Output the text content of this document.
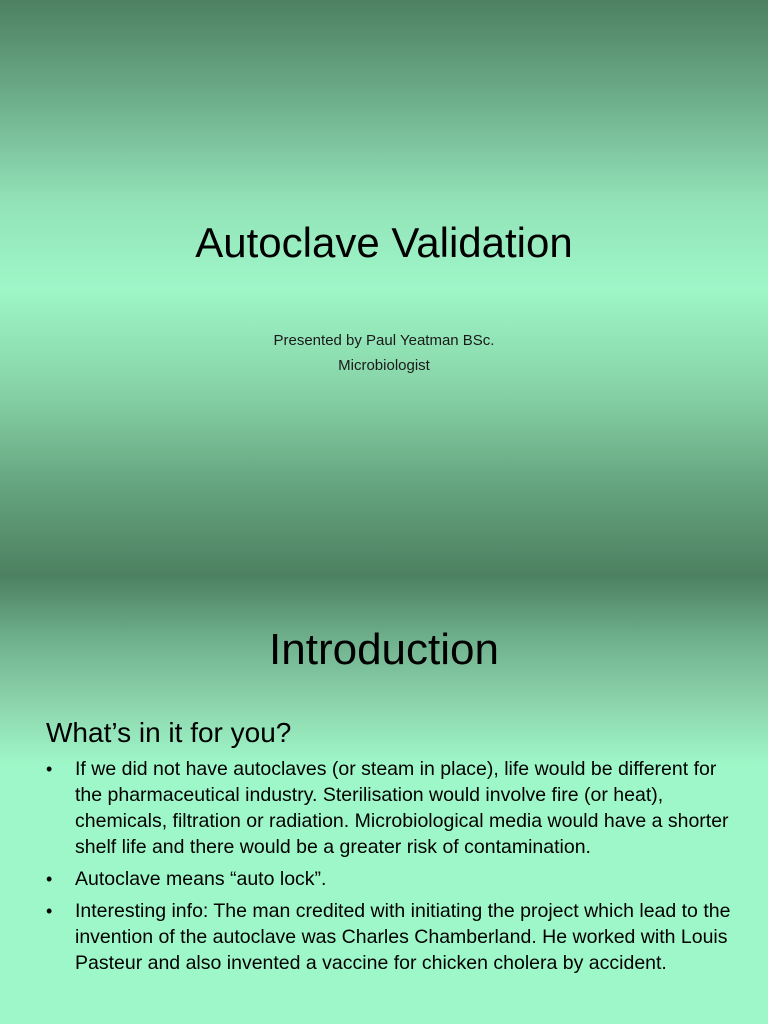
Autoclave Validation
Presented by Paul Yeatman BSc.
Microbiologist
Introduction
What’s in it for you?
• If we did not have autoclaves (or steam in place), life would be different for the pharmaceutical industry. Sterilisation would involve fire (or heat), chemicals, filtration or radiation. Microbiological media would have a shorter shelf life and there would be a greater risk of contamination.
• Autoclave means “auto lock”.
• Interesting info: The man credited with initiating the project which lead to the invention of the autoclave was Charles Chamberland. He worked with Louis Pasteur and also invented a vaccine for chicken cholera by accident.
